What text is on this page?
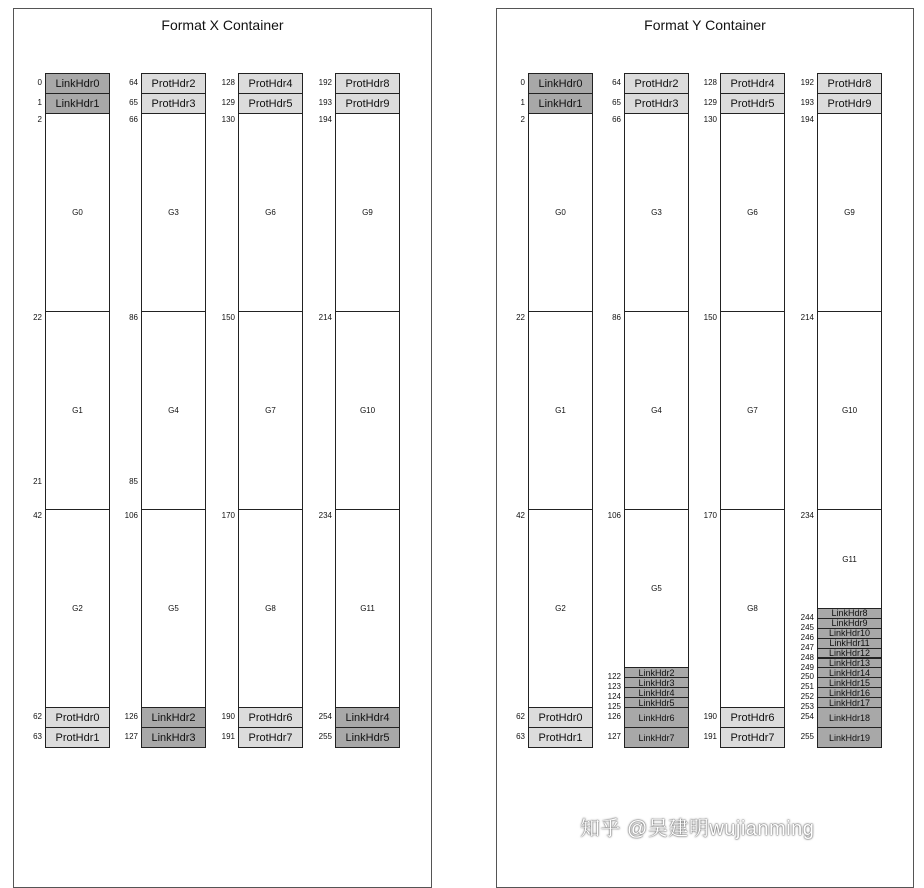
Format X Container
LinkHdr0
LinkHdr1
G0
G1
G2
ProtHdr0
ProtHdr1
0
1
2
21
22
42
62
63
ProtHdr2
ProtHdr3
G3
G4
G5
LinkHdr2
LinkHdr3
64
65
66
85
86
106
126
127
ProtHdr4
ProtHdr5
G6
G7
G8
ProtHdr6
ProtHdr7
128
129
130
150
170
190
191
ProtHdr8
ProtHdr9
G9
G10
G11
LinkHdr4
LinkHdr5
192
193
194
214
234
254
255
Format Y Container
LinkHdr0
LinkHdr1
G0
G1
G2
ProtHdr0
ProtHdr1
0
1
2
22
42
62
63
ProtHdr2
ProtHdr3
G3
G4
G5
LinkHdr2
LinkHdr3
LinkHdr4
LinkHdr5
LinkHdr6
LinkHdr7
64
65
66
86
106
122
123
124
125
126
127
ProtHdr4
ProtHdr5
G6
G7
G8
ProtHdr6
ProtHdr7
128
129
130
150
170
190
191
ProtHdr8
ProtHdr9
G9
G10
G11
LinkHdr8
LinkHdr9
LinkHdr10
LinkHdr11
LinkHdr12
LinkHdr13
LinkHdr14
LinkHdr15
LinkHdr16
LinkHdr17
LinkHdr18
LinkHdr19
192
193
194
214
234
244
245
246
247
248
249
250
251
252
253
254
255
知乎 @吴建明wujianming
